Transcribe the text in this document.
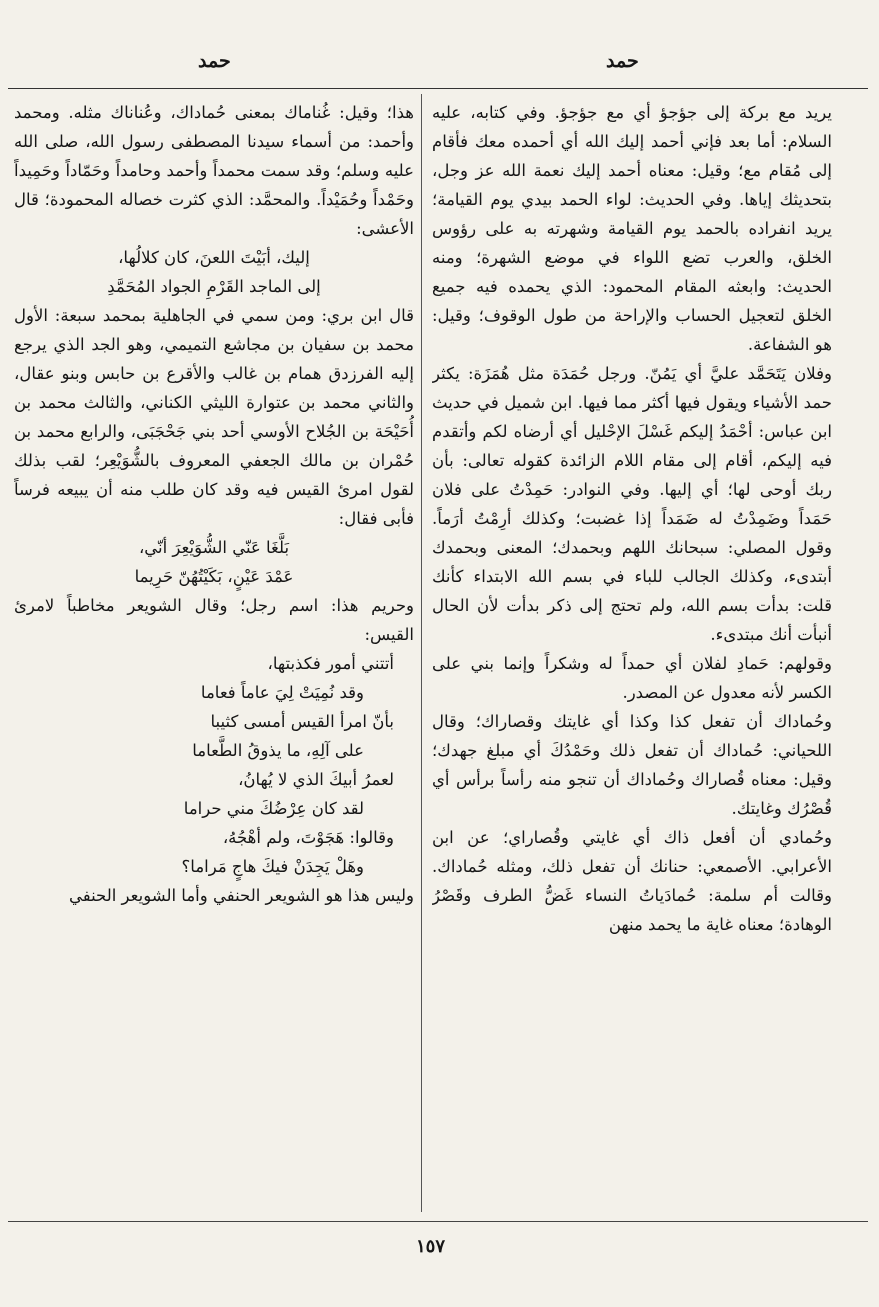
حمد	حمد

يريد مع بركة إلى جؤجؤ أي مع جؤجؤ. وفي كتابه، عليه السلام: أما بعد فإني أحمد إليك الله أي أحمده معك فأقام إلى مُقام مع؛ وقيل: معناه أحمد إليك نعمة الله عز وجل، بتحديثك إياها. وفي الحديث: لواء الحمد بيدي يوم القيامة؛ يريد انفراده بالحمد يوم القيامة وشهرته به على رؤوس الخلق، والعرب تضع اللواء في موضع الشهرة؛ ومنه الحديث: وابعثه المقام المحمود: الذي يحمده فيه جميع الخلق لتعجيل الحساب والإراحة من طول الوقوف؛ وقيل: هو الشفاعة.

وفلان يَتَحَمَّد عليَّ أي يَمُنّ. ورجل حُمَدَة مثل هُمَزَة: يكثر حمد الأشياء ويقول فيها أكثر مما فيها. ابن شميل في حديث ابن عباس: أحْمَدُ إليكم غَسْلَ الإحْليل أي أرضاه لكم وأتقدم فيه إليكم، أقام إلى مقام اللام الزائدة كقوله تعالى: بأن ربك أوحى لها؛ أي إليها. وفي النوادر: حَمِدْتُ على فلان حَمَداً وضَمِدْتُ له ضَمَداً إذا غضبت؛ وكذلك أرِمْتُ أرَماً. وقول المصلي: سبحانك اللهم وبحمدك؛ المعنى وبحمدك أبتدىء، وكذلك الجالب للباء في بسم الله الابتداء كأنك قلت: بدأت بسم الله، ولم تحتج إلى ذكر بدأت لأن الحال أنبأت أنك مبتدىء.

وقولهم: حَمادِ لفلان أي حمداً له وشكراً وإنما بني على الكسر لأنه معدول عن المصدر.

وحُماداك أن تفعل كذا وكذا أي غايتك وقصاراك؛ وقال اللحياني: حُماداك أن تفعل ذلك وحَمْدُكَ أي مبلغ جهدك؛ وقيل: معناه قُصاراك وحُماداك أن تنجو منه رأساً برأس أي قُصْرُك وغايتك.

وحُمادي أن أفعل ذاك أي غايتي وقُصاراي؛ عن ابن الأعرابي. الأصمعي: حنانك أن تفعل ذلك، ومثله حُماداك. وقالت أم سلمة: حُمادَياتُ النساء غَضُّ الطرف وقَصْرُ الوهادة؛ معناه غاية ما يحمد منهن

هذا؛ وقيل: غُناماك بمعنى حُماداك، وعُناناك مثله. ومحمد وأحمد: من أسماء سيدنا المصطفى رسول الله، صلى الله عليه وسلم؛ وقد سمت محمداً وأحمد وحامداً وحَمّاداً وحَمِيداً وحَمْداً وحُمَيْداً. والمحمَّد: الذي كثرت خصاله المحمودة؛ قال الأعشى:

إليك، أبَيْتَ اللعنَ، كان كلالُها،

إلى الماجد القَرْمِ الجواد المُحَمَّدِ

قال ابن بري: ومن سمي في الجاهلية بمحمد سبعة: الأول محمد بن سفيان بن مجاشع التميمي، وهو الجد الذي يرجع إليه الفرزدق همام بن غالب والأقرع بن حابس وبنو عقال، والثاني محمد بن عتوارة الليثي الكناني، والثالث محمد بن أُحَيْحَة بن الجُلاح الأوسي أحد بني جَحْجَبَى، والرابع محمد بن حُمْران بن مالك الجعفي المعروف بالشُّوَيْعِر؛ لقب بذلك لقول امرئ القيس فيه وقد كان طلب منه أن يبيعه فرساً فأبى فقال:

بَلَّغَا عَنّي الشُّوَيْعِرَ أنّي،

عَمْدَ عَيْنٍ، بَكَيْتُهُنّ حَرِيما

وحريم هذا: اسم رجل؛ وقال الشويعر مخاطباً لامرئ القيس:

أتتني أمور فكذبتها،
وقد نُمِيَتْ لِيَ عاماً فعاما
بأنّ امرأ القيس أمسى كثيبا
على آلِهِ، ما يذوقُ الطَّعاما
لعمرُ أبيكَ الذي لا يُهانُ،
لقد كان عِرْضُكَ مني حراما
وقالوا: هَجَوْتَ، ولم أهْجُهُ،
وهَلْ يَجِدَنْ فيكَ هاجٍ مَراما؟

وليس هذا هو الشويعر الحنفي وأما الشويعر الحنفي

١٥٧
